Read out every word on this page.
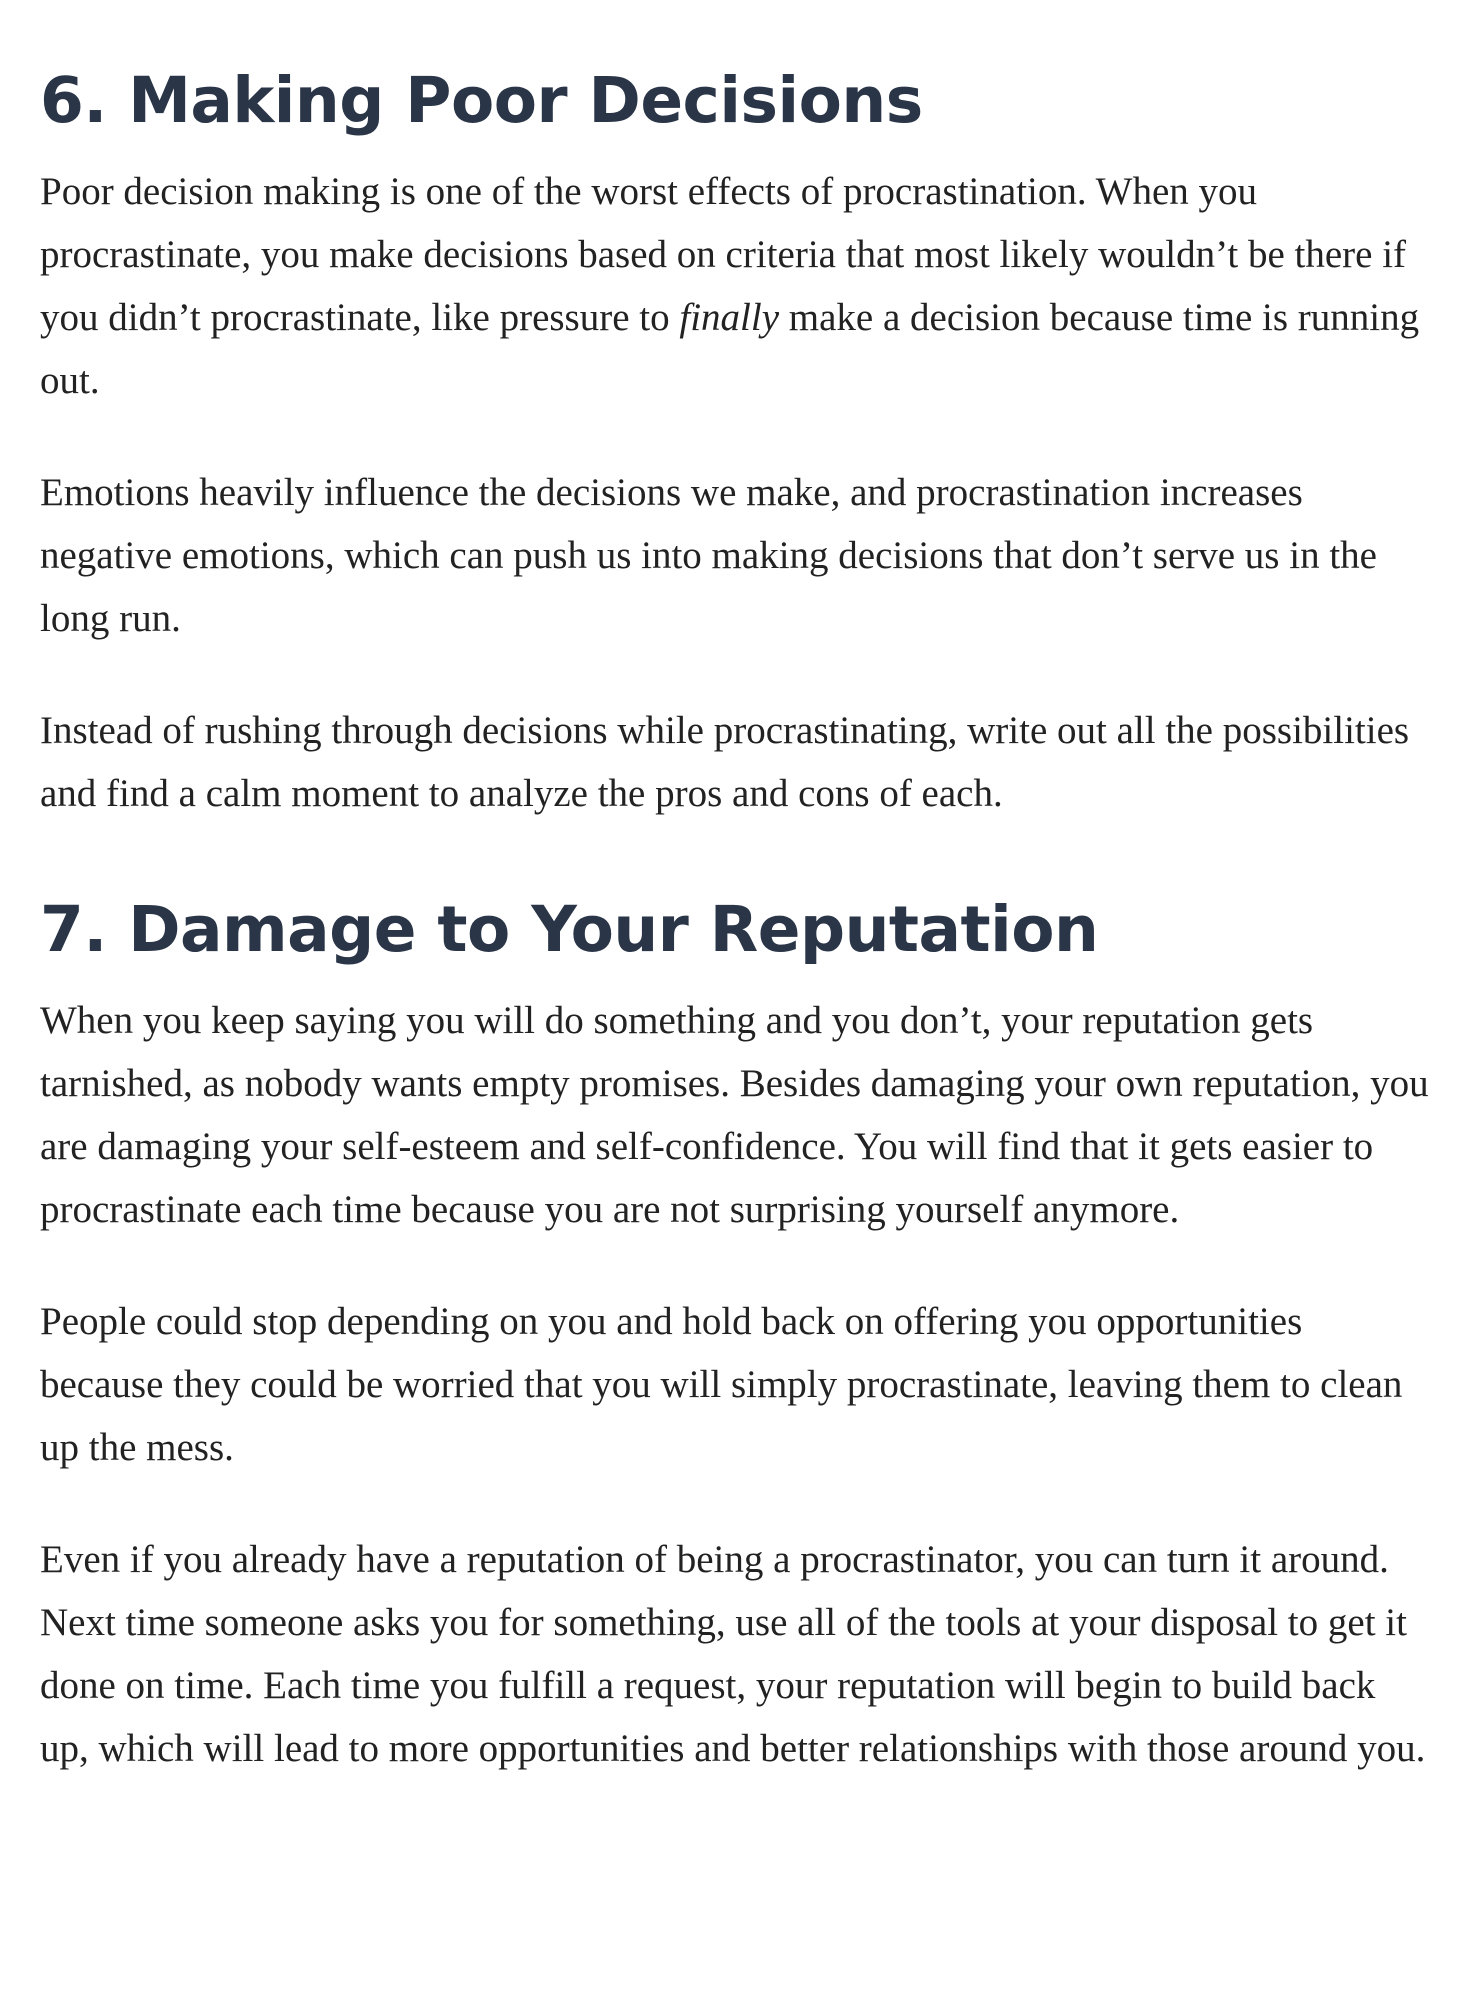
6. Making Poor Decisions

Poor decision making is one of the worst effects of procrastination. When you procrastinate, you make decisions based on criteria that most likely wouldn’t be there if you didn’t procrastinate, like pressure to finally make a decision because time is running out.

Emotions heavily influence the decisions we make, and procrastination increases negative emotions, which can push us into making decisions that don’t serve us in the long run.

Instead of rushing through decisions while procrastinating, write out all the possibilities and find a calm moment to analyze the pros and cons of each.

7. Damage to Your Reputation

When you keep saying you will do something and you don’t, your reputation gets tarnished, as nobody wants empty promises. Besides damaging your own reputation, you are damaging your self-esteem and self-confidence. You will find that it gets easier to procrastinate each time because you are not surprising yourself anymore.

People could stop depending on you and hold back on offering you opportunities because they could be worried that you will simply procrastinate, leaving them to clean up the mess.

Even if you already have a reputation of being a procrastinator, you can turn it around. Next time someone asks you for something, use all of the tools at your disposal to get it done on time. Each time you fulfill a request, your reputation will begin to build back up, which will lead to more opportunities and better relationships with those around you.
